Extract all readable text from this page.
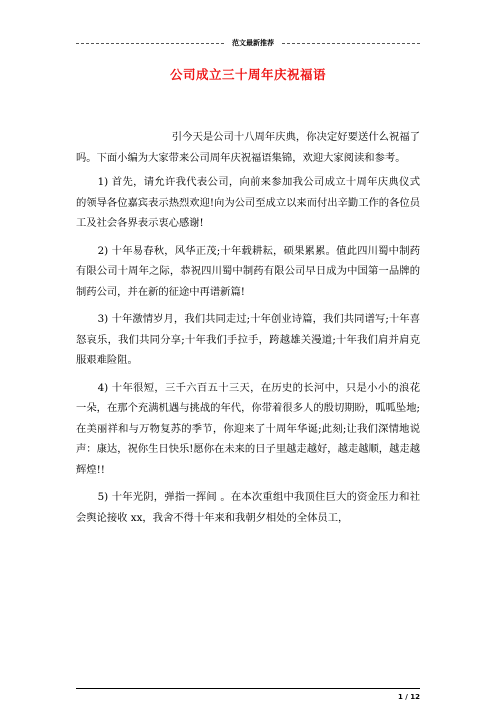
范文最新推荐
公司成立三十周年庆祝福语

引今天是公司十八周年庆典，你决定好要送什么祝福了吗。下面小编为大家带来公司周年庆祝福语集锦，欢迎大家阅读和参考。

1) 首先，请允许我代表公司，向前来参加我公司成立十周年庆典仪式的领导各位嘉宾表示热烈欢迎!向为公司至成立以来而付出辛勤工作的各位员工及社会各界表示衷心感谢!

2) 十年易春秋，风华正茂;十年载耕耘，硕果累累。值此四川蜀中制药有限公司十周年之际，恭祝四川蜀中制药有限公司早日成为中国第一品牌的制药公司，并在新的征途中再谱新篇!

3) 十年激情岁月，我们共同走过;十年创业诗篇，我们共同谱写;十年喜怒哀乐，我们共同分享;十年我们手拉手，跨越雄关漫道;十年我们肩并肩克服艰难险阻。

4) 十年很短，三千六百五十三天，在历史的长河中，只是小小的浪花一朵，在那个充满机遇与挑战的年代，你带着很多人的殷切期盼，呱呱坠地;在美丽祥和与万物复苏的季节，你迎来了十周年华诞;此刻;让我们深情地说声：康达，祝你生日快乐!愿你在未来的日子里越走越好，越走越顺，越走越辉煌!!

5) 十年光阴，弹指一挥间 。在本次重组中我顶住巨大的资金压力和社会舆论接收 xx，我舍不得十年来和我朝夕相处的全体员工，

1 / 12
